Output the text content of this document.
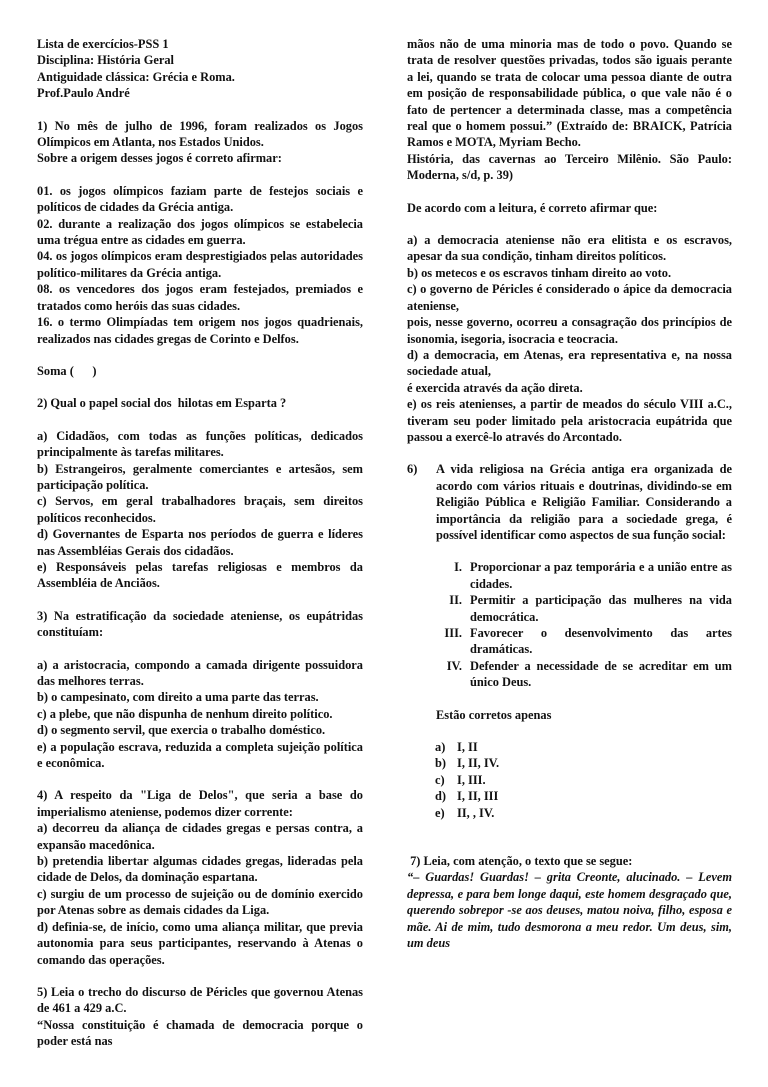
Lista de exercícios-PSS 1

Disciplina: História Geral

Antiguidade clássica: Grécia e Roma.

Prof.Paulo André

1) No mês de julho de 1996, foram realizados os Jogos Olímpicos em Atlanta, nos Estados Unidos.

Sobre a origem desses jogos é correto afirmar:

01. os jogos olímpicos faziam parte de festejos sociais e políticos de cidades da Grécia antiga.

02. durante a realização dos jogos olímpicos se estabelecia uma trégua entre as cidades em guerra.

04. os jogos olímpicos eram desprestigiados pelas autoridades político-militares da Grécia antiga.

08. os vencedores dos jogos eram festejados, premiados e tratados como heróis das suas cidades.

16. o termo Olimpíadas tem origem nos jogos quadrienais, realizados nas cidades gregas de Corinto e Delfos.

Soma (      )

2) Qual o papel social dos  hilotas em Esparta ?

a) Cidadãos, com todas as funções políticas, dedicados principalmente às tarefas militares.

b) Estrangeiros, geralmente comerciantes e artesãos, sem participação política.

c) Servos, em geral trabalhadores braçais, sem direitos políticos reconhecidos.

d) Governantes de Esparta nos períodos de guerra e líderes nas Assembléias Gerais dos cidadãos.

e) Responsáveis pelas tarefas religiosas e membros da Assembléia de Anciãos.

3) Na estratificação da sociedade ateniense, os eupátridas constituíam:

a) a aristocracia, compondo a camada dirigente possuidora das melhores terras.

b) o campesinato, com direito a uma parte das terras.

c) a plebe, que não dispunha de nenhum direito político.

d) o segmento servil, que exercia o trabalho doméstico.

e) a população escrava, reduzida a completa sujeição política e econômica.

4) A respeito da "Liga de Delos", que seria a base do imperialismo ateniense, podemos dizer corrente:

a) decorreu da aliança de cidades gregas e persas contra, a expansão macedônica.

b) pretendia libertar algumas cidades gregas, lideradas pela cidade de Delos, da dominação espartana.

c) surgiu de um processo de sujeição ou de domínio exercido por Atenas sobre as demais cidades da Liga.

d) definia-se, de início, como uma aliança militar, que previa autonomia para seus participantes, reservando à Atenas o comando das operações.

5) Leia o trecho do discurso de Péricles que governou Atenas de 461 a 429 a.C.

“Nossa constituição é chamada de democracia porque o poder está nas

mãos não de uma minoria mas de todo o povo. Quando se trata de resolver questões privadas, todos são iguais perante a lei, quando se trata de colocar uma pessoa diante de outra em posição de responsabilidade pública, o que vale não é o fato de pertencer a determinada classe, mas a competência real que o homem possui.” (Extraído de: BRAICK, Patrícia Ramos e MOTA, Myriam Becho.

História, das cavernas ao Terceiro Milênio. São Paulo: Moderna, s/d, p. 39)

De acordo com a leitura, é correto afirmar que:

a) a democracia ateniense não era elitista e os escravos, apesar da sua condição, tinham direitos políticos.

b) os metecos e os escravos tinham direito ao voto.

c) o governo de Péricles é considerado o ápice da democracia ateniense,

pois, nesse governo, ocorreu a consagração dos princípios de isonomia, isegoria, isocracia e teocracia.

d) a democracia, em Atenas, era representativa e, na nossa sociedade atual,

é exercida através da ação direta.

e) os reis atenienses, a partir de meados do século VIII a.C., tiveram seu poder limitado pela aristocracia eupátrida que passou a exercê-lo através do Arcontado.

6)	A vida religiosa na Grécia antiga era organizada de acordo com vários rituais e doutrinas, dividindo-se em Religião Pública e Religião Familiar. Considerando a importância da religião para a sociedade grega, é possível identificar como aspectos de sua função social:

I. Proporcionar a paz temporária e a união entre as cidades.
II. Permitir a participação das mulheres na vida democrática.
III. Favorecer o desenvolvimento das artes dramáticas.
IV. Defender a necessidade de se acreditar em um único Deus.

Estão corretos apenas

a) I, II
b) I, II, IV.
c) I, III.
d) I, II, III
e) II, , IV.

7) Leia, com atenção, o texto que se segue:

“– Guardas! Guardas! – grita Creonte, alucinado. – Levem depressa, e para bem longe daqui, este homem desgraçado que, querendo sobrepor -se aos deuses, matou noiva, filho, esposa e mãe. Ai de mim, tudo desmorona a meu redor. Um deus, sim, um deus
